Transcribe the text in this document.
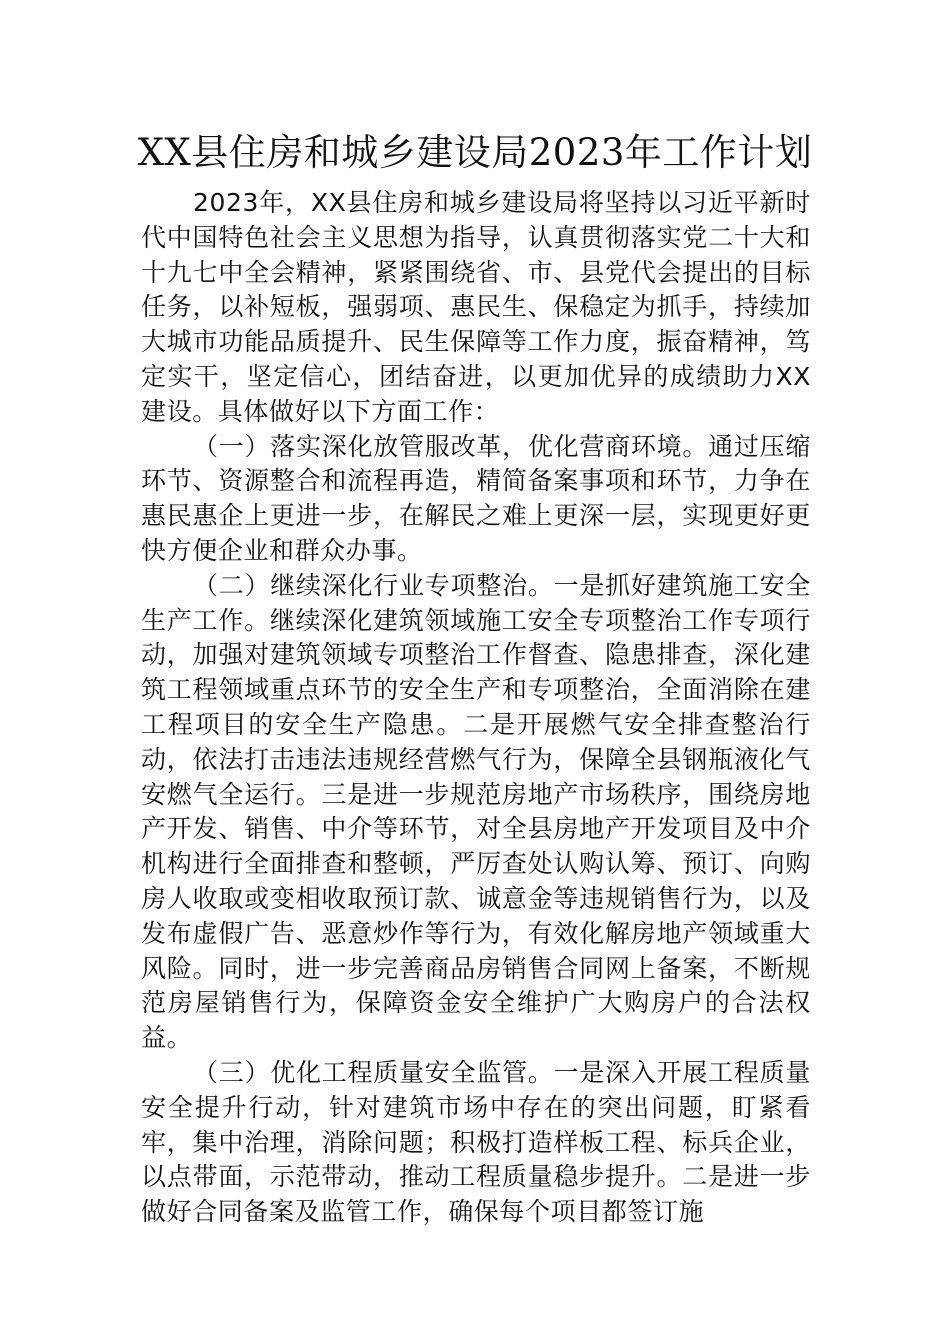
XX县住房和城乡建设局2023年工作计划

2023年，XX县住房和城乡建设局将坚持以习近平新时代中国特色社会主义思想为指导，认真贯彻落实党二十大和十九七中全会精神，紧紧围绕省、市、县党代会提出的目标任务，以补短板，强弱项、惠民生、保稳定为抓手，持续加大城市功能品质提升、民生保障等工作力度，振奋精神，笃定实干，坚定信心，团结奋进，以更加优异的成绩助力XX建设。具体做好以下方面工作：

（一）落实深化放管服改革，优化营商环境。通过压缩环节、资源整合和流程再造，精简备案事项和环节，力争在惠民惠企上更进一步，在解民之难上更深一层，实现更好更快方便企业和群众办事。

（二）继续深化行业专项整治。一是抓好建筑施工安全生产工作。继续深化建筑领域施工安全专项整治工作专项行动，加强对建筑领域专项整治工作督查、隐患排查，深化建筑工程领域重点环节的安全生产和专项整治，全面消除在建工程项目的安全生产隐患。二是开展燃气安全排查整治行动，依法打击违法违规经营燃气行为，保障全县钢瓶液化气安燃气全运行。三是进一步规范房地产市场秩序，围绕房地产开发、销售、中介等环节，对全县房地产开发项目及中介机构进行全面排查和整顿，严厉查处认购认筹、预订、向购房人收取或变相收取预订款、诚意金等违规销售行为，以及发布虚假广告、恶意炒作等行为，有效化解房地产领域重大风险。同时，进一步完善商品房销售合同网上备案，不断规范房屋销售行为，保障资金安全维护广大购房户的合法权益。

（三）优化工程质量安全监管。一是深入开展工程质量安全提升行动，针对建筑市场中存在的突出问题，盯紧看牢，集中治理，消除问题；积极打造样板工程、标兵企业，以点带面，示范带动，推动工程质量稳步提升。二是进一步做好合同备案及监管工作，确保每个项目都签订施
